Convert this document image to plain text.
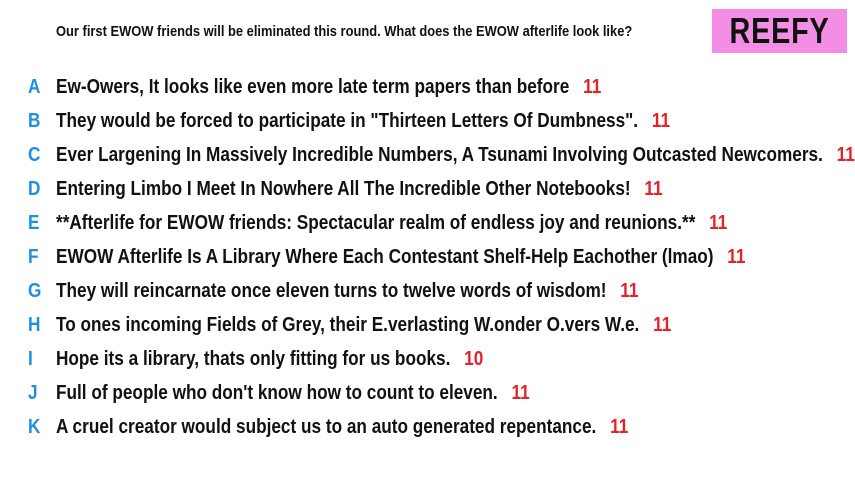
Our first EWOW friends will be eliminated this round. What does the EWOW afterlife look like?	REEFY
A Ew-Owers, It looks like even more late term papers than before 11
B They would be forced to participate in "Thirteen Letters Of Dumbness". 11
C Ever Largening In Massively Incredible Numbers, A Tsunami Involving Outcasted Newcomers. 11
D Entering Limbo I Meet In Nowhere All The Incredible Other Notebooks! 11
E **Afterlife for EWOW friends: Spectacular realm of endless joy and reunions.** 11
F EWOW Afterlife Is A Library Where Each Contestant Shelf-Help Eachother (lmao) 11
G They will reincarnate once eleven turns to twelve words of wisdom! 11
H To ones incoming Fields of Grey, their E.verlasting W.onder O.vers W.e. 11
I	Hope its a library, thats only fitting for us books. 10
J Full of people who don't know how to count to eleven. 11
K A cruel creator would subject us to an auto generated repentance. 11
